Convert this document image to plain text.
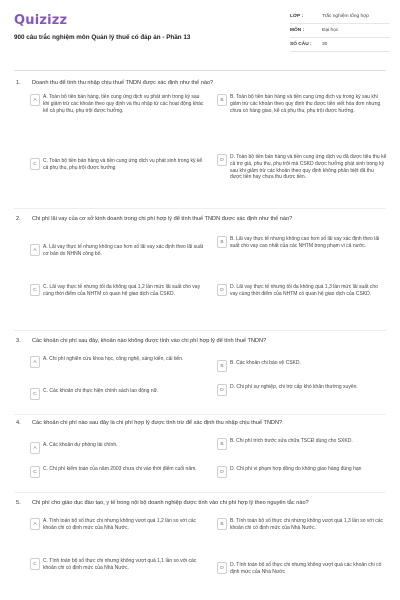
Quizizz
900 câu trắc nghiệm môn Quản lý thuế có đáp án - Phần 13
LỚP :	Trắc nghiệm tổng hợp
MÔN :	Đại học
SỐ CÂU :	30
1. Doanh thu để tính thu nhập chịu thuế TNDN được xác định như thế nào?
A	A. Toàn bộ tiền bán hàng, tiền cung ứng dịch vụ phát sinh trong kỳ sau khi giảm trừ các khoản theo quy định và thu nhập từ các hoạt động khác kể cả phụ thu, phụ trội được hưởng.
B	B. Toàn bộ tiền bán hàng và tiền cung ứng dịch vụ trong kỳ sau khi giảm trừ các khoản theo quy định thu được tiền viết hóa đơn nhưng chưa có hàng giao, kể cả phụ thu, phụ trội được hưởng.
C	C. Toàn bộ tiền bán hàng và tiền cung ứng dịch vụ phát sinh trong kỳ kể cả phụ thu, phụ trội được hưởng
D	D. Toàn bộ tiền bán hàng và tiền cung ứng dịch vụ đã được tiêu thụ kể cả trợ giá, phụ thu, phụ trội mà CSKD được hưởng phát sinh trong kỳ sau khi giảm trừ các khoản theo quy định không phân biệt đã thu được tiền hay chưa thu được tiền.
2. Chi phí lãi vay của cơ sở kinh doanh trong chi phí hợp lý để tính thuế TNDN được xác định như thế nào?
A	A. Lãi vay thực tế nhưng không cao hơn số lãi vay xác định theo lãi suất cơ bản do NHNN công bố.
B	B. Lãi vay thực tế nhưng không cao hơn số lãi vay xác định theo lãi suất cho vay cao nhất của các NHTM trong phạm vi cả nước.
C	C. Lãi vay thực tế nhưng tối đa không quá 1,2 lần mức lãi suất cho vay cùng thời điểm của NHTM có quan hệ giao dịch của CSKD.
D	D. Lãi vay thực tế nhưng tối đa không quá 1,3 lần mức lãi suất cho vay cùng thời điểm của NHTM có quan hệ giao dịch của CSKD.
3. Các khoản chi phí sau đây, khoản nào không được tính vào chi phí hợp lý để tính thuế TNDN?
A	A. Chi phí nghiên cứu khoa học, công nghệ, sáng kiến, cải tiến.
B	B. Các khoản chi báo vệ CSKD.
C	C. Các khoản chi thực hiện chính sách lao động nữ.	D	D. Chi phí sự nghiệp, chi trợ cấp khó khăn thường xuyên.
4. Các khoản chi phí nào sau đây là chi phí hợp lý được tính trừ để xác định thu nhập chịu thuế TNDN?
A	A. Các khoản dự phòng tài chính.	B	B. Chi phí trích trước sửa chữa TSCĐ dùng cho SXKD.
C	C. Chi phí kiểm toán của năm 2003 chưa chi vào thời điểm cuối năm.	D	D. Chi phí vi phạm hợp đồng do không giao hàng đúng hạn
5. Chi phí cho giáo dục đào tạo, y tế trong nội bộ doanh nghiệp được tính vào chi phí hợp lý theo nguyên tắc nào?
A	A. Tính toán bộ số thực chi nhưng không vượt quá 1,2 lần so với các khoản chi có định mức của Nhà Nước.
B	B. Tính toán bộ số thực chi nhưng không vượt quá 1,3 lần so với các khoản chi có định mức của Nhà Nước.
C	C. Tính toán bộ số thực chi nhưng không vượt quá 1,1 lần so với các khoản chi có định mức của Nhà Nước.	D	D. Tính toán bộ số thực chi nhưng không vượt quá các khoản chi có định mức của Nhà Nước
